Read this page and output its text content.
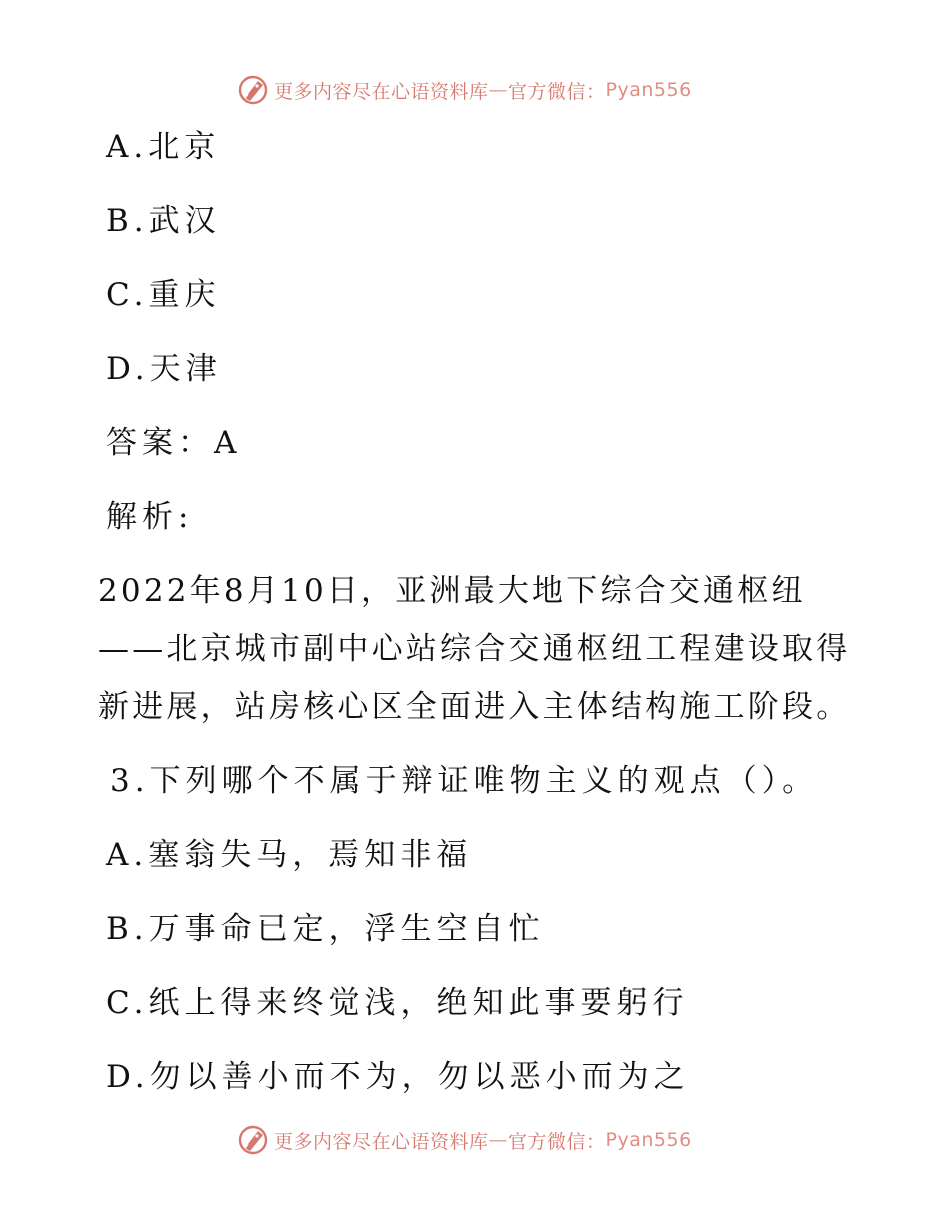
更多内容尽在心语资料库 — 官方微信： Pyan556
A.北京
B.武汉
C.重庆
D.天津
答案：A
解析:
2022年8月10日，亚洲最大地下综合交通枢纽
——北京城市副中心站综合交通枢纽工程建设取得
新进展，站房核心区全面进入主体结构施工阶段。
3.下列哪个不属于辩证唯物主义的观点（）。
A.塞翁失马，焉知非福
B.万事命已定，浮生空自忙
C.纸上得来终觉浅，绝知此事要躬行
D.勿以善小而不为，勿以恶小而为之
更多内容尽在心语资料库 — 官方微信： Pyan556
